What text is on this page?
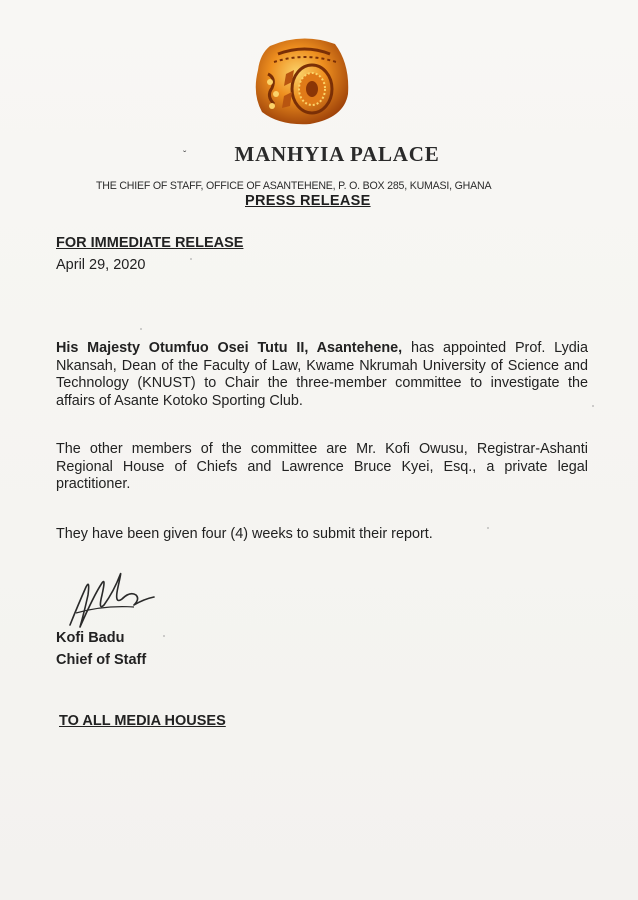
ˇ	MANHYIA PALACE
THE CHIEF OF STAFF, OFFICE OF ASANTEHENE, P. O. BOX 285, KUMASI, GHANA
PRESS RELEASE
FOR IMMEDIATE RELEASE
April 29, 2020
His Majesty Otumfuo Osei Tutu II, Asantehene, has appointed Prof. Lydia Nkansah, Dean of the Faculty of Law, Kwame Nkrumah University of Science and Technology (KNUST) to Chair the three-member committee to investigate the affairs of Asante Kotoko Sporting Club.
The other members of the committee are Mr. Kofi Owusu, Registrar-Ashanti Regional House of Chiefs and Lawrence Bruce Kyei, Esq., a private legal practitioner.
They have been given four (4) weeks to submit their report.
Kofi Badu
Chief of Staff
TO ALL MEDIA HOUSES
